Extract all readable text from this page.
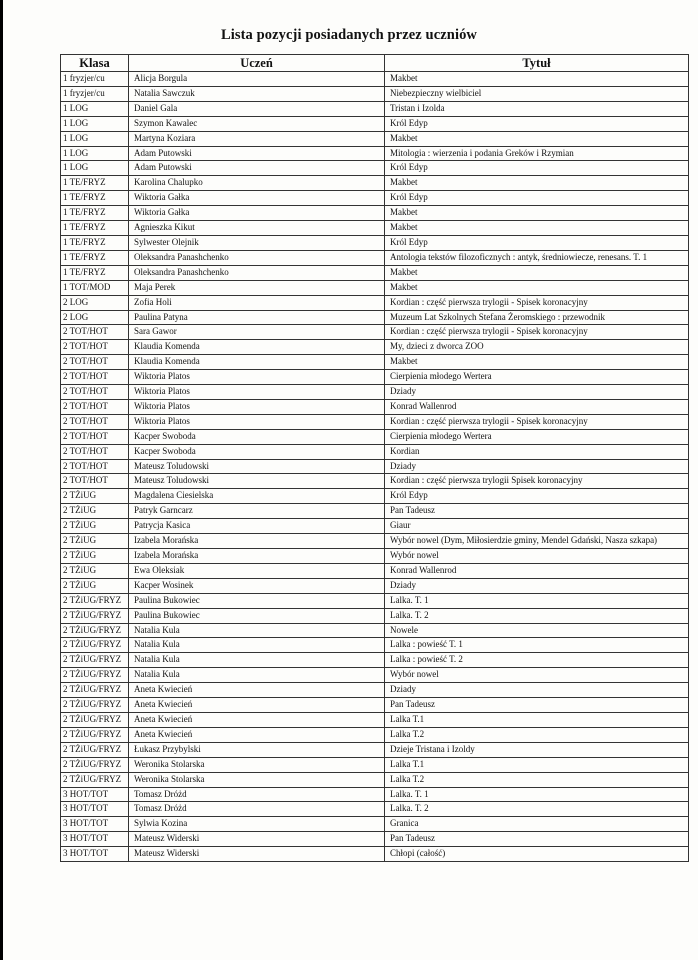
Lista pozycji posiadanych przez uczniów
Klasa	Uczeń	Tytuł
1 fryzjer/cu	Alicja Borgula	Makbet
1 fryzjer/cu	Natalia Sawczuk	Niebezpieczny wielbiciel
1 LOG	Daniel Gala	Tristan i Izolda
1 LOG	Szymon Kawalec	Król Edyp
1 LOG	Martyna Koziara	Makbet
1 LOG	Adam Putowski	Mitologia : wierzenia i podania Greków i Rzymian
1 LOG	Adam Putowski	Król Edyp
1 TE/FRYZ	Karolina Chalupko	Makbet
1 TE/FRYZ	Wiktoria Gałka	Król Edyp
1 TE/FRYZ	Wiktoria Gałka	Makbet
1 TE/FRYZ	Agnieszka Kikut	Makbet
1 TE/FRYZ	Sylwester Olejnik	Król Edyp
1 TE/FRYZ	Oleksandra Panashchenko	Antologia tekstów filozoficznych : antyk, średniowiecze, renesans. T. 1
1 TE/FRYZ	Oleksandra Panashchenko	Makbet
1 TOT/MOD	Maja Perek	Makbet
2 LOG	Zofia Holi	Kordian : część pierwsza trylogii - Spisek koronacyjny
2 LOG	Paulina Patyna	Muzeum Lat Szkolnych Stefana Żeromskiego : przewodnik
2 TOT/HOT	Sara Gawor	Kordian : część pierwsza trylogii - Spisek koronacyjny
2 TOT/HOT	Klaudia Komenda	My, dzieci z dworca ZOO
2 TOT/HOT	Klaudia Komenda	Makbet
2 TOT/HOT	Wiktoria Platos	Cierpienia młodego Wertera
2 TOT/HOT	Wiktoria Platos	Dziady
2 TOT/HOT	Wiktoria Platos	Konrad Wallenrod
2 TOT/HOT	Wiktoria Platos	Kordian : część pierwsza trylogii - Spisek koronacyjny
2 TOT/HOT	Kacper Swoboda	Cierpienia młodego Wertera
2 TOT/HOT	Kacper Swoboda	Kordian
2 TOT/HOT	Mateusz Toludowski	Dziady
2 TOT/HOT	Mateusz Toludowski	Kordian : część pierwsza trylogii Spisek koronacyjny
2 TŻiUG	Magdalena Ciesielska	Król Edyp
2 TŻiUG	Patryk Garncarz	Pan Tadeusz
2 TŻiUG	Patrycja Kasica	Giaur
2 TŻiUG	Izabela Morańska	Wybór nowel (Dym, Miłosierdzie gminy, Mendel Gdański, Nasza szkapa)
2 TŻiUG	Izabela Morańska	Wybór nowel
2 TŻiUG	Ewa Oleksiak	Konrad Wallenrod
2 TŻiUG	Kacper Wosinek	Dziady
2 TŻiUG/FRYZ	Paulina Bukowiec	Lalka. T. 1
2 TŻiUG/FRYZ	Paulina Bukowiec	Lalka. T. 2
2 TŻiUG/FRYZ	Natalia Kula	Nowele
2 TŻiUG/FRYZ	Natalia Kula	Lalka : powieść T. 1
2 TŻiUG/FRYZ	Natalia Kula	Lalka : powieść T. 2
2 TŻiUG/FRYZ	Natalia Kula	Wybór nowel
2 TŻiUG/FRYZ	Aneta Kwiecień	Dziady
2 TŻiUG/FRYZ	Aneta Kwiecień	Pan Tadeusz
2 TŻiUG/FRYZ	Aneta Kwiecień	Lalka T.1
2 TŻiUG/FRYZ	Aneta Kwiecień	Lalka T.2
2 TŻiUG/FRYZ	Łukasz Przybylski	Dzieje Tristana i Izoldy
2 TŻiUG/FRYZ	Weronika Stolarska	Lalka T.1
2 TŻiUG/FRYZ	Weronika Stolarska	Lalka T.2
3 HOT/TOT	Tomasz Dróżd	Lalka. T. 1
3 HOT/TOT	Tomasz Dróżd	Lalka. T. 2
3 HOT/TOT	Sylwia Kozina	Granica
3 HOT/TOT	Mateusz Widerski	Pan Tadeusz
3 HOT/TOT	Mateusz Widerski	Chłopi (całość)
